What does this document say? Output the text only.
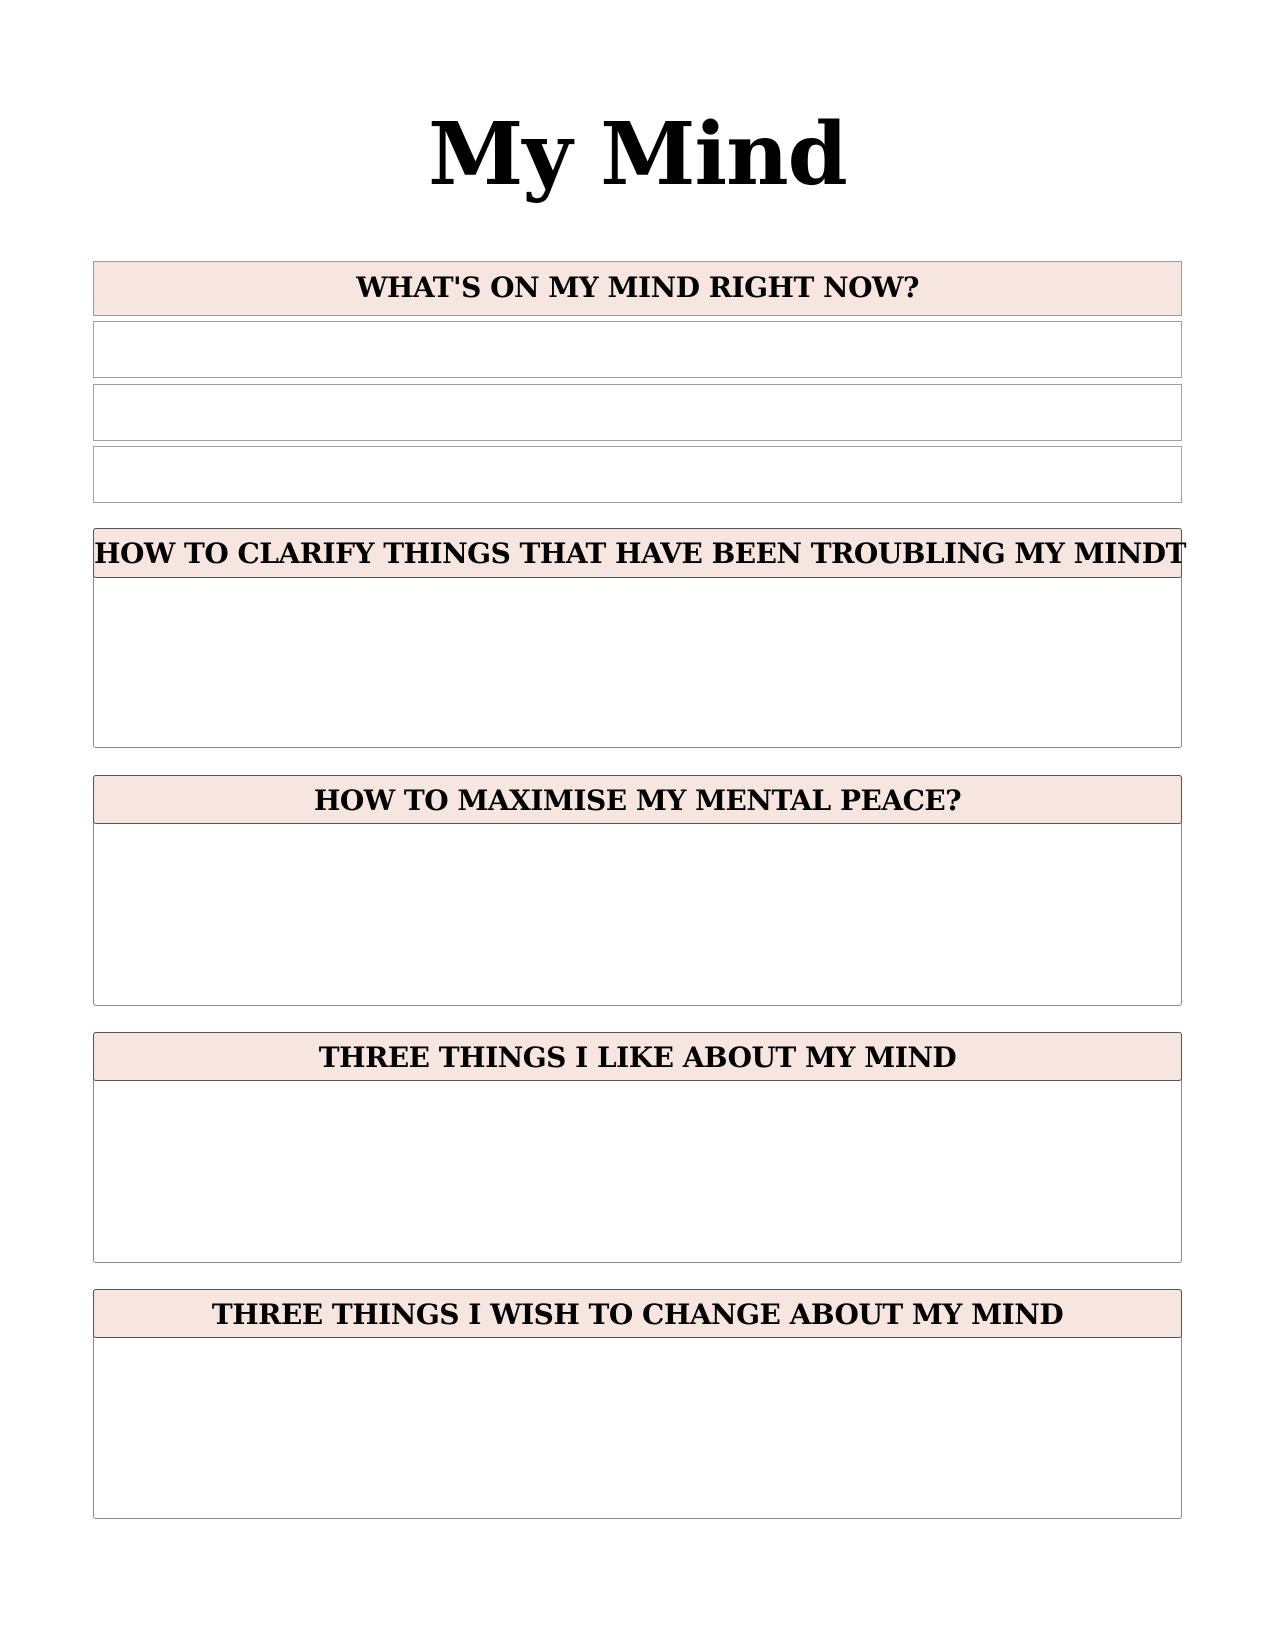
My Mind
WHAT'S ON MY MIND RIGHT NOW?
HOW TO CLARIFY THINGS THAT HAVE BEEN TROUBLING MY MINDT
HOW TO MAXIMISE MY MENTAL PEACE?
THREE THINGS I LIKE ABOUT MY MIND
THREE THINGS I WISH TO CHANGE ABOUT MY MIND
